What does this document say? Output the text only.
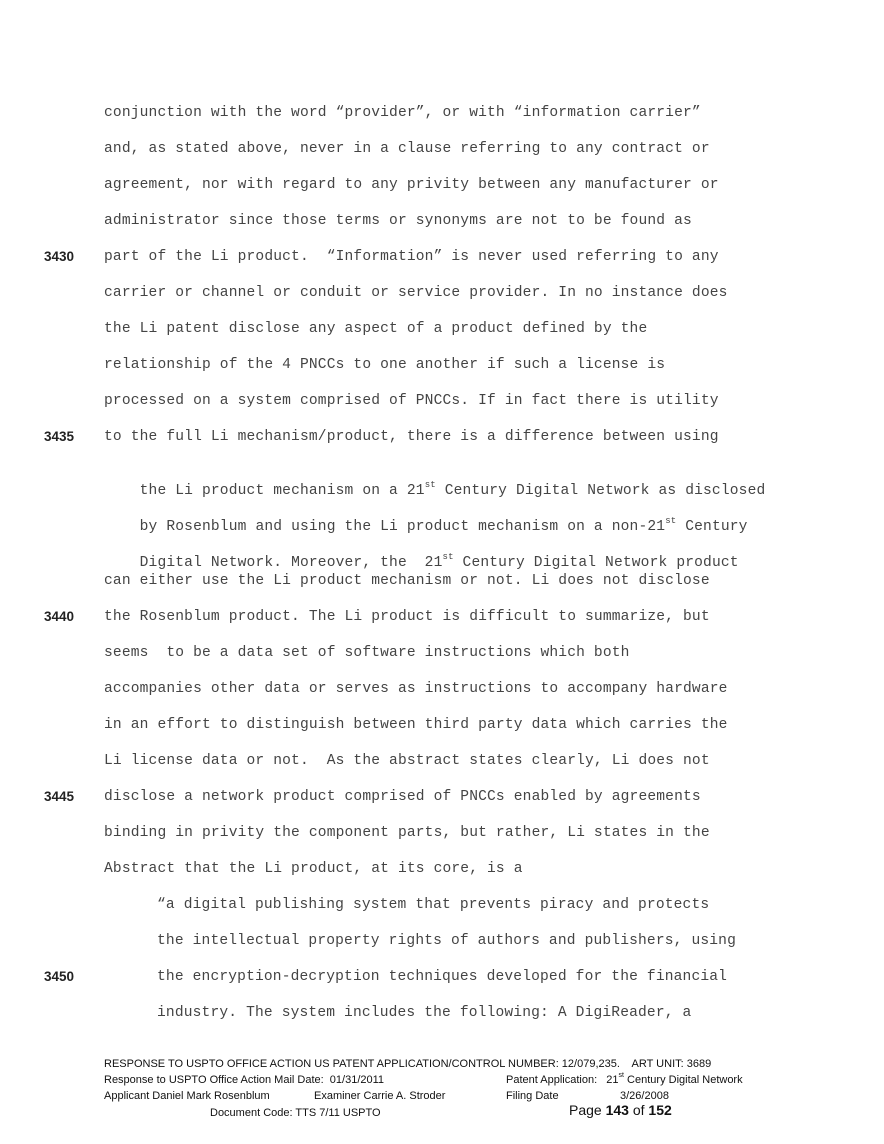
conjunction with the word “provider”, or with “information carrier”
and, as stated above, never in a clause referring to any contract or
agreement, nor with regard to any privity between any manufacturer or
administrator since those terms or synonyms are not to be found as
part of the Li product.  “Information” is never used referring to any
carrier or channel or conduit or service provider. In no instance does
the Li patent disclose any aspect of a product defined by the
relationship of the 4 PNCCs to one another if such a license is
processed on a system comprised of PNCCs. If in fact there is utility
to the full Li mechanism/product, there is a difference between using

the Li product mechanism on a 21st Century Digital Network as disclosed

by Rosenblum and using the Li product mechanism on a non-21st Century

Digital Network. Moreover, the  21st Century Digital Network product

can either use the Li product mechanism or not. Li does not disclose
the Rosenblum product. The Li product is difficult to summarize, but
seems  to be a data set of software instructions which both
accompanies other data or serves as instructions to accompany hardware
in an effort to distinguish between third party data which carries the
Li license data or not.  As the abstract states clearly, Li does not
disclose a network product comprised of PNCCs enabled by agreements
binding in privity the component parts, but rather, Li states in the
Abstract that the Li product, at its core, is a
“a digital publishing system that prevents piracy and protects
the intellectual property rights of authors and publishers, using
the encryption-decryption techniques developed for the financial
industry. The system includes the following: A DigiReader, a
3430
3435
3440
3445
3450
RESPONSE TO USPTO OFFICE ACTION US PATENT APPLICATION/CONTROL NUMBER: 12/079,235.    ART UNIT: 3689
Response to USPTO Office Action Mail Date:  01/31/2011	Patent Application: 21st Century Digital Network
Applicant Daniel Mark Rosenblum	Examiner Carrie A. Stroder	Filing Date	3/26/2008
Document Code: TTS 7/11 USPTO	Page 143 of 152
